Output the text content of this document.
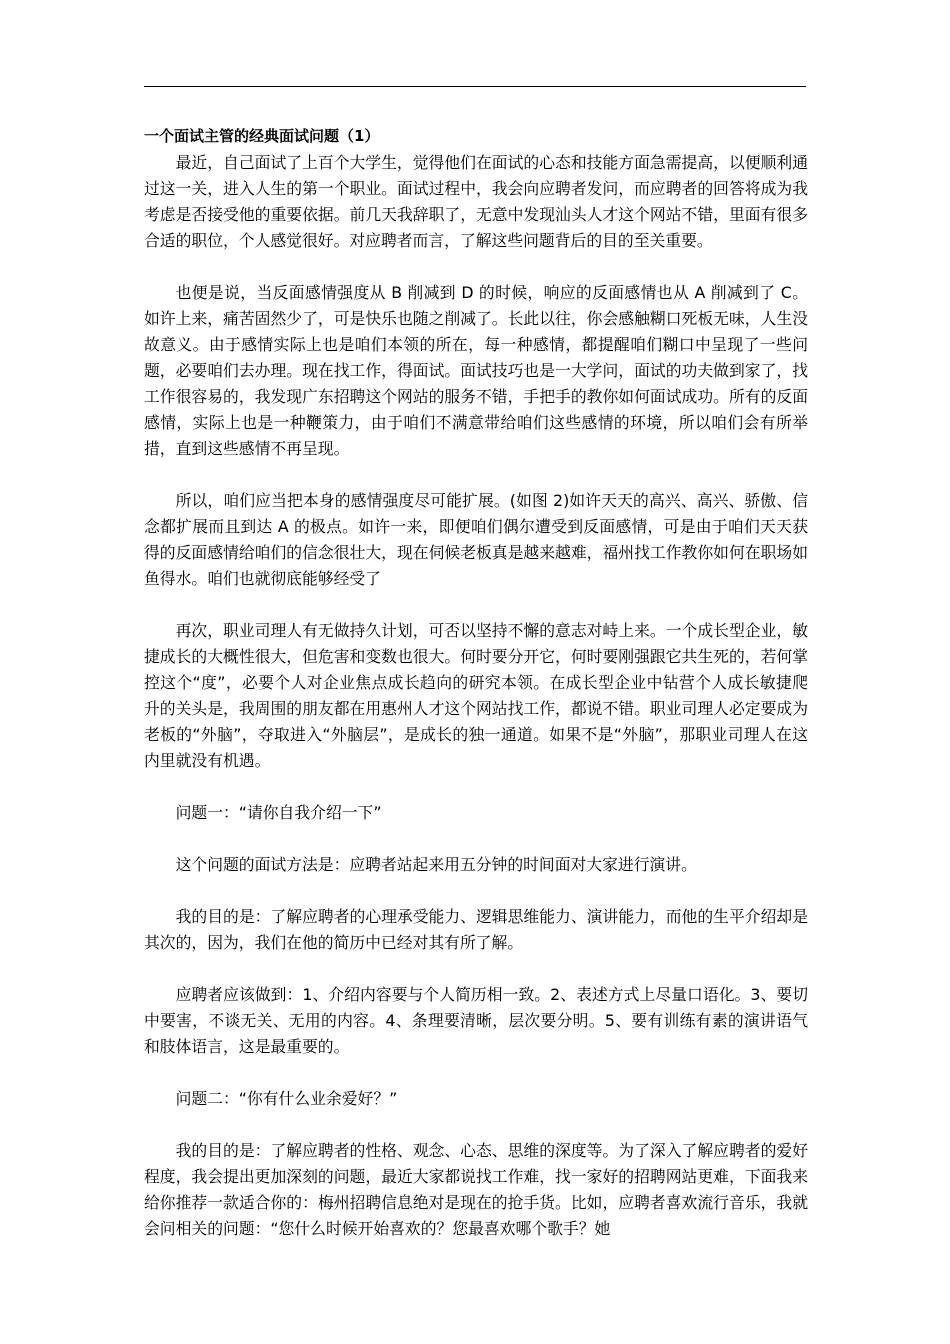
一个面试主管的经典面试问题（1）

最近，自己面试了上百个大学生，觉得他们在面试的心态和技能方面急需提高，以便顺利通过这一关，进入人生的第一个职业。面试过程中，我会向应聘者发问，而应聘者的回答将成为我考虑是否接受他的重要依据。前几天我辞职了，无意中发现汕头人才这个网站不错，里面有很多合适的职位，个人感觉很好。对应聘者而言，了解这些问题背后的目的至关重要。

也便是说，当反面感情强度从 B 削减到 D 的时候，响应的反面感情也从 A 削减到了 C。如许上来，痛苦固然少了，可是快乐也随之削减了。长此以往，你会感触糊口死板无味，人生没故意义。由于感情实际上也是咱们本领的所在，每一种感情，都提醒咱们糊口中呈现了一些问题，必要咱们去办理。现在找工作，得面试。面试技巧也是一大学问，面试的功夫做到家了，找工作很容易的，我发现广东招聘这个网站的服务不错，手把手的教你如何面试成功。所有的反面感情，实际上也是一种鞭策力，由于咱们不满意带给咱们这些感情的环境，所以咱们会有所举措，直到这些感情不再呈现。

所以，咱们应当把本身的感情强度尽可能扩展。(如图 2)如许天天的高兴、高兴、骄傲、信念都扩展而且到达 A 的极点。如许一来，即便咱们偶尔遭受到反面感情，可是由于咱们天天获得的反面感情给咱们的信念很壮大，现在伺候老板真是越来越难，福州找工作教你如何在职场如鱼得水。咱们也就彻底能够经受了

再次，职业司理人有无做持久计划，可否以坚持不懈的意志对峙上来。一个成长型企业，敏捷成长的大概性很大，但危害和变数也很大。何时要分开它，何时要刚强跟它共生死的，若何掌控这个“度”，必要个人对企业焦点成长趋向的研究本领。在成长型企业中钻营个人成长敏捷爬升的关头是，我周围的朋友都在用惠州人才这个网站找工作，都说不错。职业司理人必定要成为老板的“外脑”，夺取进入“外脑层”，是成长的独一通道。如果不是“外脑”，那职业司理人在这内里就没有机遇。

问题一：“请你自我介绍一下”

这个问题的面试方法是：应聘者站起来用五分钟的时间面对大家进行演讲。

我的目的是：了解应聘者的心理承受能力、逻辑思维能力、演讲能力，而他的生平介绍却是其次的，因为，我们在他的简历中已经对其有所了解。

应聘者应该做到：1、介绍内容要与个人简历相一致。2、表述方式上尽量口语化。3、要切中要害，不谈无关、无用的内容。4、条理要清晰，层次要分明。5、要有训练有素的演讲语气和肢体语言，这是最重要的。

问题二：“你有什么业余爱好？”

我的目的是：了解应聘者的性格、观念、心态、思维的深度等。为了深入了解应聘者的爱好程度，我会提出更加深刻的问题，最近大家都说找工作难，找一家好的招聘网站更难，下面我来给你推荐一款适合你的：梅州招聘信息绝对是现在的抢手货。比如，应聘者喜欢流行音乐，我就会问相关的问题：“您什么时候开始喜欢的？您最喜欢哪个歌手？她
